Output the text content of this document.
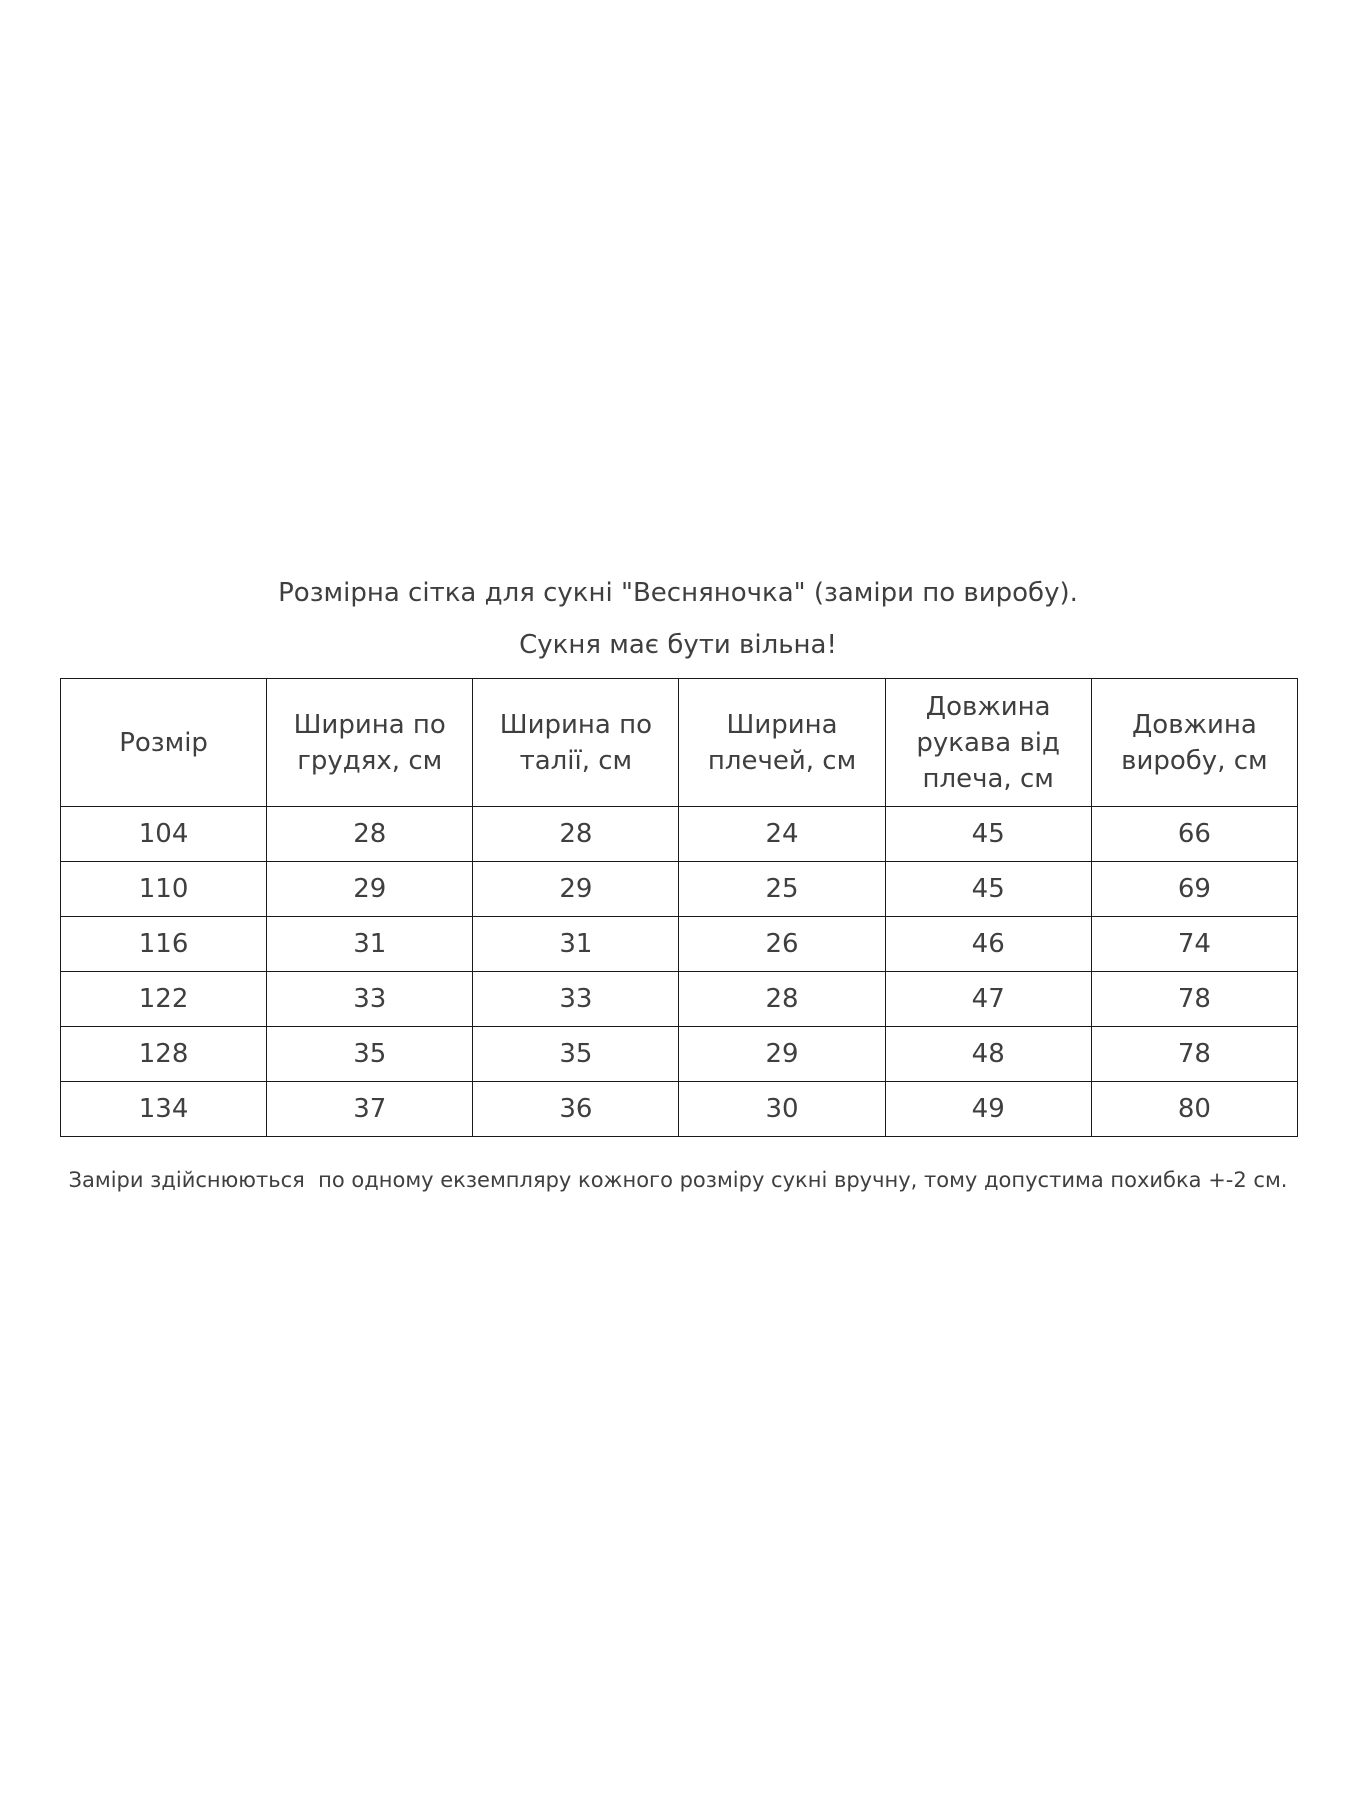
Розмірна сітка для сукні "Весняночка" (заміри по виробу).
Сукня має бути вільна!
Розмір	Ширина по грудях, см	Ширина по талії, см	Ширина плечей, см	Довжина рукава від плеча, см	Довжина виробу, см
104	28	28	24	45	66
110	29	29	25	45	69
116	31	31	26	46	74
122	33	33	28	47	78
128	35	35	29	48	78
134	37	36	30	49	80
Заміри здійснюються  по одному екземпляру кожного розміру сукні вручну, тому допустима похибка +-2 см.
